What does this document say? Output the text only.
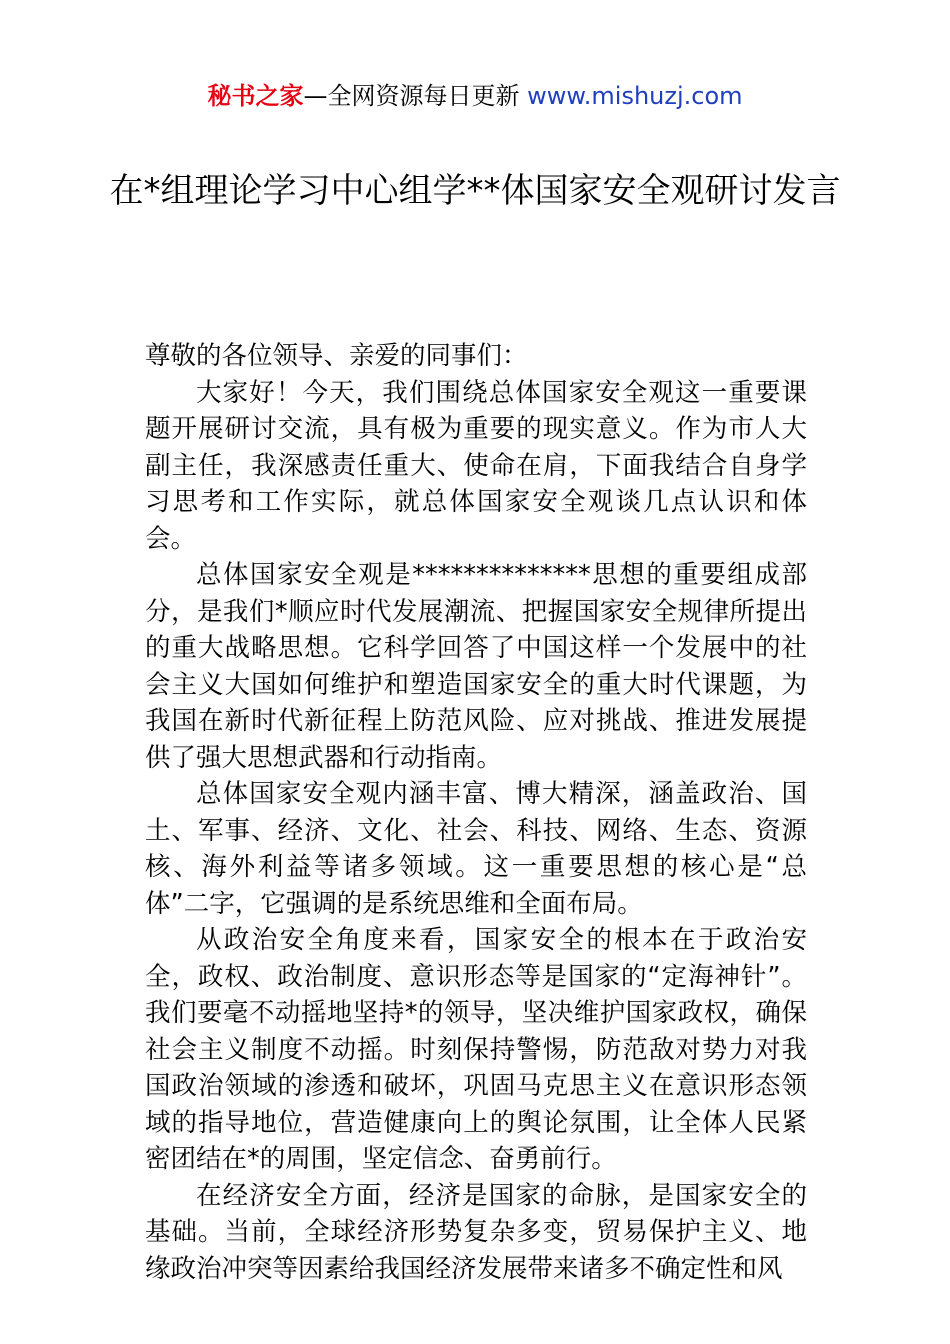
秘书之家—全网资源每日更新 www.mishuzj.com
在*组理论学习中心组学**体国家安全观研讨发言

尊敬的各位领导、亲爱的同事们：

大家好！今天，我们围绕总体国家安全观这一重要课题开展研讨交流，具有极为重要的现实意义。作为市人大副主任，我深感责任重大、使命在肩，下面我结合自身学习思考和工作实际，就总体国家安全观谈几点认识和体会。

总体国家安全观是**************思想的重要组成部分，是我们*顺应时代发展潮流、把握国家安全规律所提出的重大战略思想。它科学回答了中国这样一个发展中的社会主义大国如何维护和塑造国家安全的重大时代课题，为我国在新时代新征程上防范风险、应对挑战、推进发展提供了强大思想武器和行动指南。

总体国家安全观内涵丰富、博大精深，涵盖政治、国土、军事、经济、文化、社会、科技、网络、生态、资源核、海外利益等诸多领域。这一重要思想的核心是“总体”二字，它强调的是系统思维和全面布局。

从政治安全角度来看，国家安全的根本在于政治安全，政权、政治制度、意识形态等是国家的“定海神针”。我们要毫不动摇地坚持*的领导，坚决维护国家政权，确保社会主义制度不动摇。时刻保持警惕，防范敌对势力对我国政治领域的渗透和破坏，巩固马克思主义在意识形态领域的指导地位，营造健康向上的舆论氛围，让全体人民紧密团结在*的周围，坚定信念、奋勇前行。

在经济安全方面，经济是国家的命脉，是国家安全的基础。当前，全球经济形势复杂多变，贸易保护主义、地缘政治冲突等因素给我国经济发展带来诸多不确定性和风
